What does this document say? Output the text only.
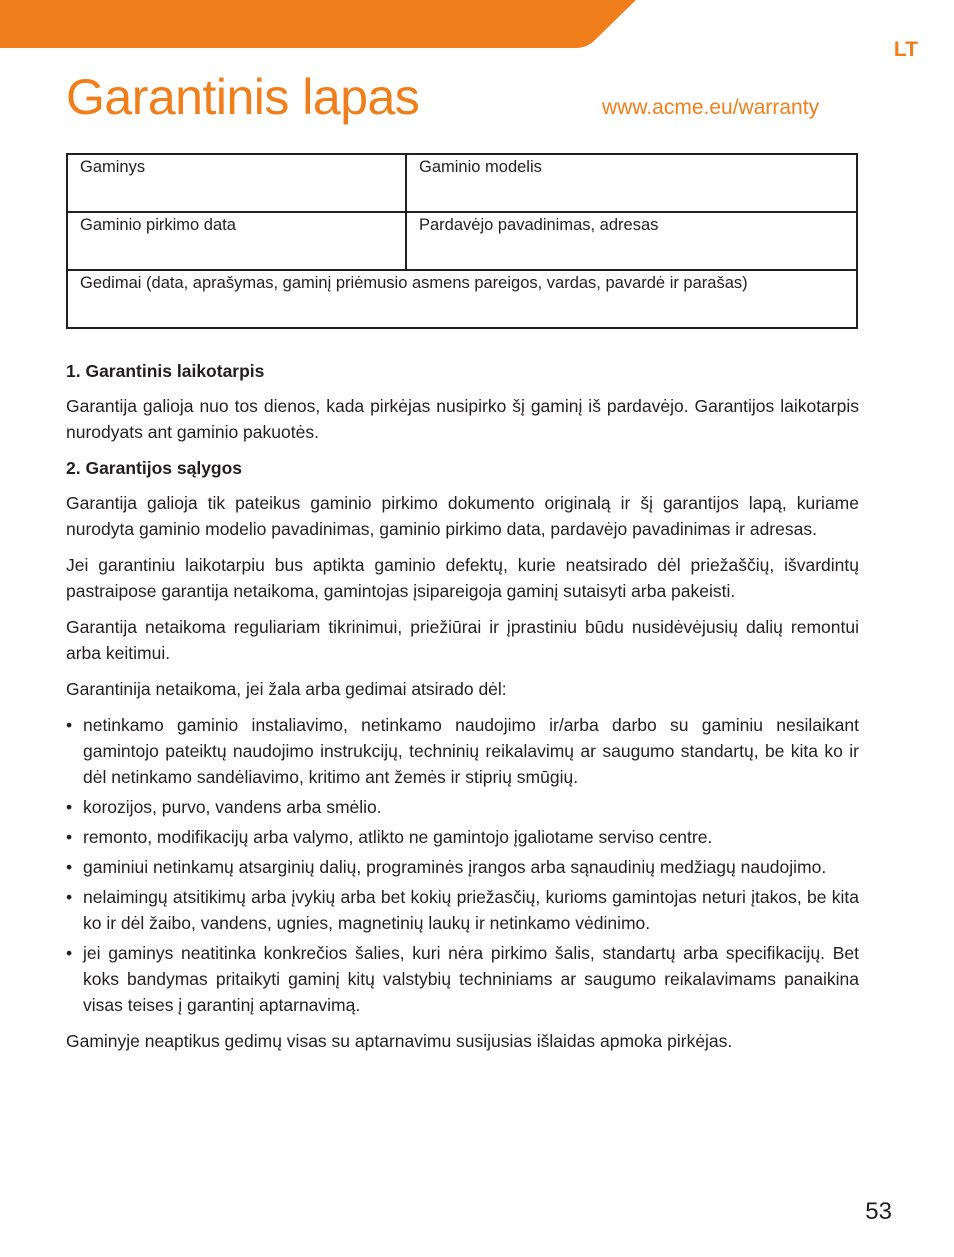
LT
Garantinis lapas	www.acme.eu/warranty
Gaminys	Gaminio modelis
Gaminio pirkimo data	Pardavėjo pavadinimas, adresas
Gedimai (data, aprašymas, gaminį priėmusio asmens pareigos, vardas, pavardė ir parašas)	
1. Garantinis laikotarpis

Garantija galioja nuo tos dienos, kada pirkėjas nusipirko šį gaminį iš pardavėjo. Garantijos laikotarpis nurodyats ant gaminio pakuotės.

2. Garantijos sąlygos

Garantija galioja tik pateikus gaminio pirkimo dokumento originalą ir šį garantijos lapą, kuriame nurodyta gaminio modelio pavadinimas, gaminio pirkimo data, pardavėjo pavadinimas ir adresas.

Jei garantiniu laikotarpiu bus aptikta gaminio defektų, kurie neatsirado dėl priežaščių, išvardintų pastraipose garantija netaikoma, gamintojas įsipareigoja gaminį sutaisyti arba pakeisti.

Garantija netaikoma reguliariam tikrinimui, priežiūrai ir įprastiniu būdu nusidėvėjusių dalių remontui arba keitimui.

Garantinija netaikoma, jei žala arba gedimai atsirado dėl:

• netinkamo gaminio instaliavimo, netinkamo naudojimo ir/arba darbo su gaminiu nesilaikant gamintojo pateiktų naudojimo instrukcijų, techninių reikalavimų ar saugumo standartų, be kita ko ir dėl netinkamo sandėliavimo, kritimo ant žemės ir stiprių smūgių.
• korozijos, purvo, vandens arba smėlio.
• remonto, modifikacijų arba valymo, atlikto ne gamintojo įgaliotame serviso centre.
• gaminiui netinkamų atsarginių dalių, programinės įrangos arba sąnaudinių medžiagų naudojimo.
• nelaimingų atsitikimų arba įvykių arba bet kokių priežasčių, kurioms gamintojas neturi įtakos, be kita ko ir dėl žaibo, vandens, ugnies, magnetinių laukų ir netinkamo vėdinimo.
• jei gaminys neatitinka konkrečios šalies, kuri nėra pirkimo šalis, standartų arba specifikacijų. Bet koks bandymas pritaikyti gaminį kitų valstybių techniniams ar saugumo reikalavimams panaikina visas teises į garantinį aptarnavimą.

Gaminyje neaptikus gedimų visas su aptarnavimu susijusias išlaidas apmoka pirkėjas.

53
